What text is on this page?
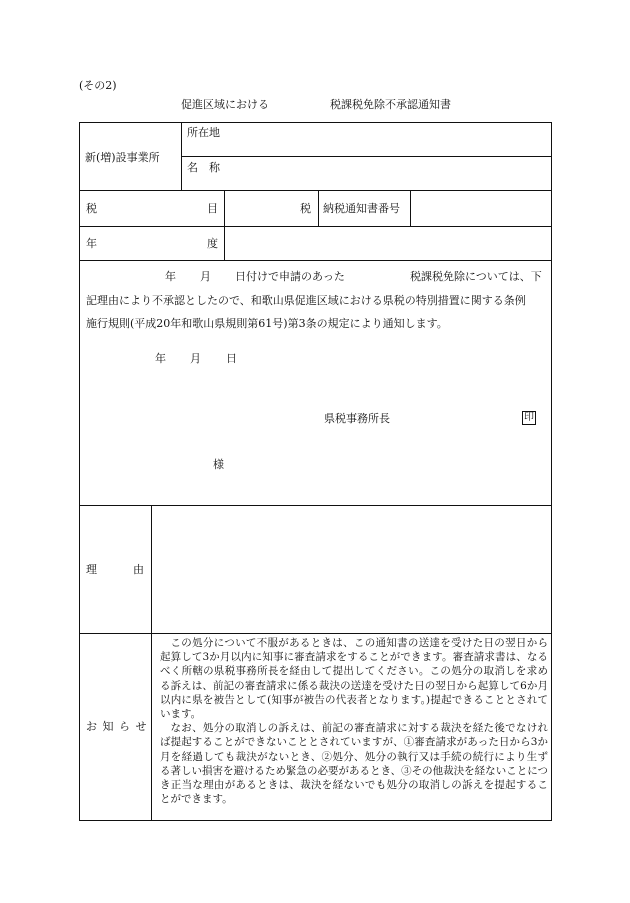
(その2)
促進区域における	税課税免除不承認通知書
新(増)設事業所
所在地
名　称
税	目	税 納税通知書番号
年	度
年 月 日付けで申請のあった	税課税免除については、下
記理由により不承認としたので、和歌山県促進区域における県税の特別措置に関する条例
施行規則(平成20年和歌山県規則第61号)第3条の規定により通知します。
年 月 日
県税事務所長	印
様
理	由
お 知 ら せ

この処分について不服があるときは、この通知書の送達を受けた日の翌日から起算して3か月以内に知事に審査請求をすることができます。審査請求書は、なるべく所轄の県税事務所長を経由して提出してください。この処分の取消しを求める訴えは、前記の審査請求に係る裁決の送達を受けた日の翌日から起算して6か月以内に県を被告として(知事が被告の代表者となります。)提起できることとされています。

なお、処分の取消しの訴えは、前記の審査請求に対する裁決を経た後でなければ提起することができないこととされていますが、①審査請求があった日から3か月を経過しても裁決がないとき、②処分、処分の執行又は手続の続行により生ずる著しい損害を避けるため緊急の必要があるとき、③その他裁決を経ないことにつき正当な理由があるときは、裁決を経ないでも処分の取消しの訴えを提起することができます。
